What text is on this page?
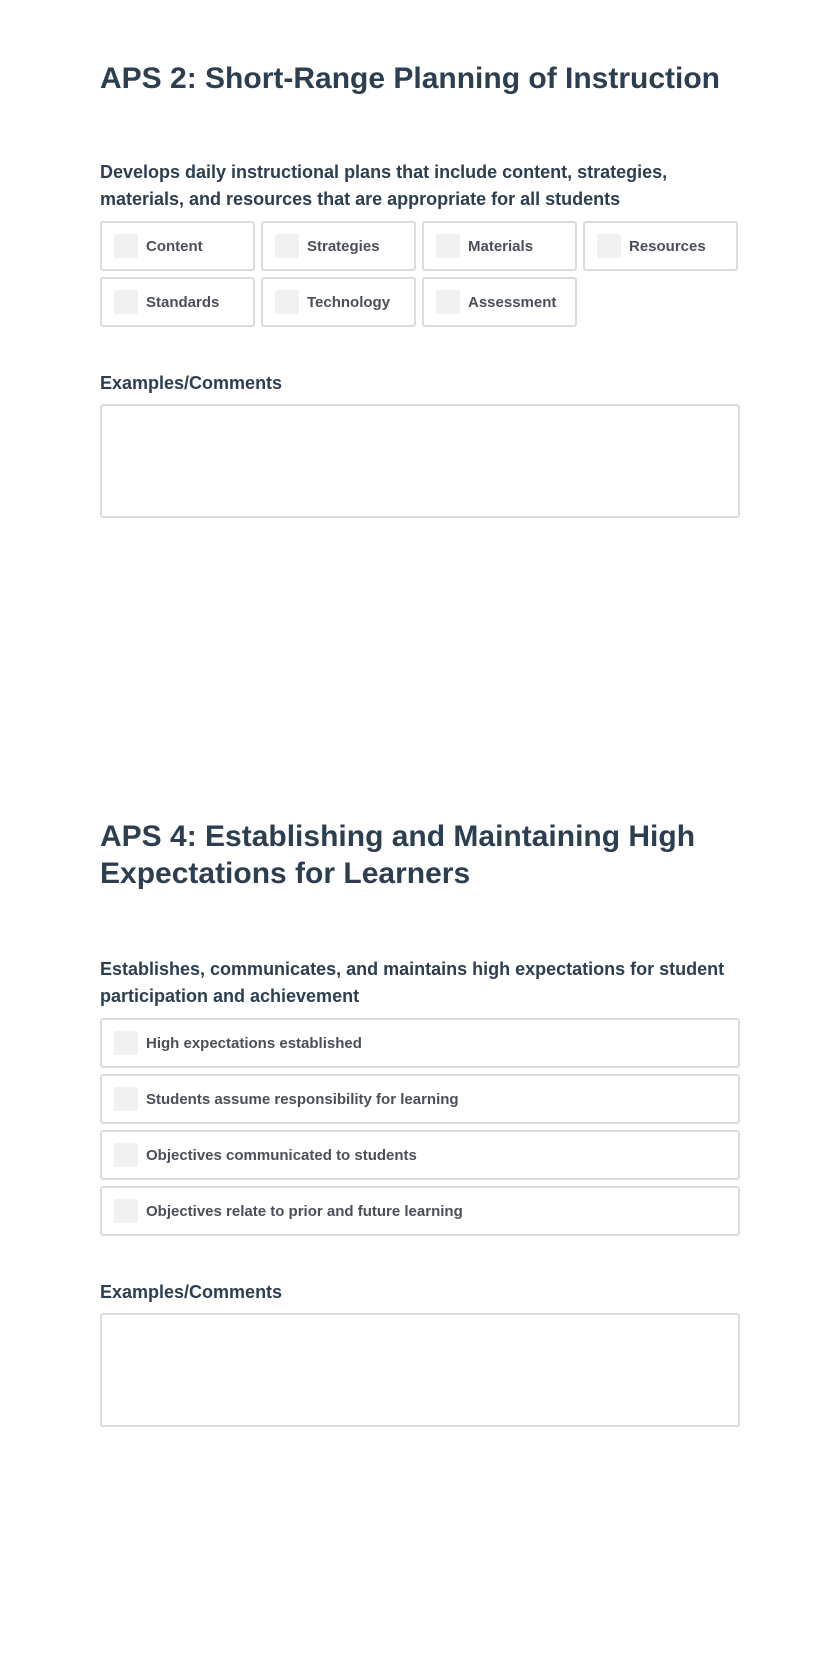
APS 2: Short-Range Planning of Instruction

Develops daily instructional plans that include content, strategies, materials, and resources that are appropriate for all students

Content	Strategies	Materials	Resources
Standards	Technology	Assessment
Examples/Comments
APS 4: Establishing and Maintaining High Expectations for Learners

Establishes, communicates, and maintains high expectations for student participation and achievement

High expectations established
Students assume responsibility for learning
Objectives communicated to students
Objectives relate to prior and future learning
Examples/Comments
